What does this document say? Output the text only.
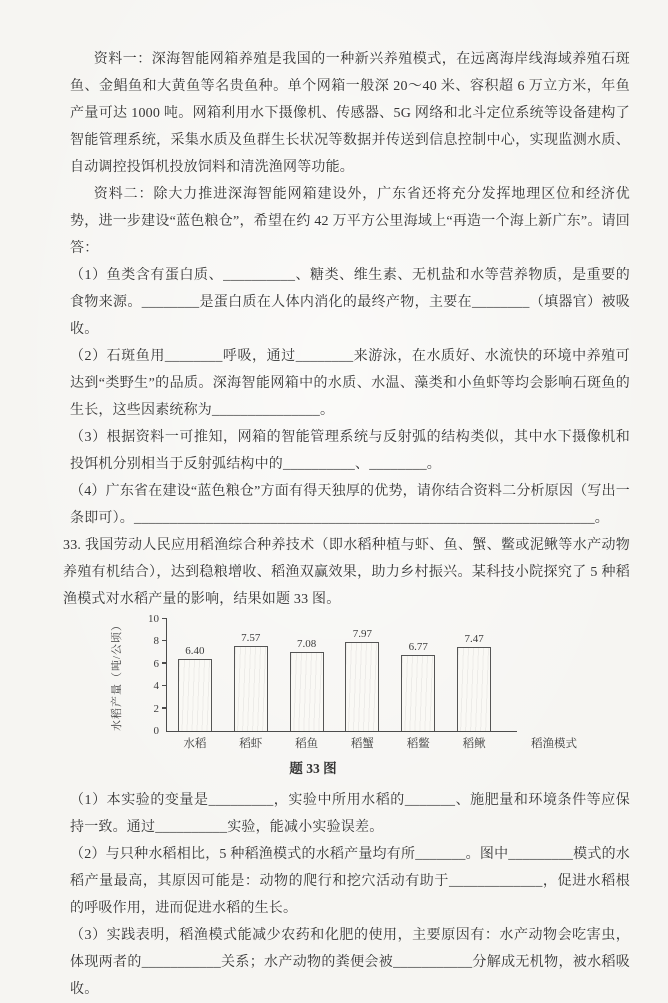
资料一：深海智能网箱养殖是我国的一种新兴养殖模式，在远离海岸线海域养殖石斑鱼、金鲳鱼和大黄鱼等名贵鱼种。单个网箱一般深 20～40 米、容积超 6 万立方米，年鱼产量可达 1000 吨。网箱利用水下摄像机、传感器、5G 网络和北斗定位系统等设备建构了智能管理系统，采集水质及鱼群生长状况等数据并传送到信息控制中心，实现监测水质、自动调控投饵机投放饲料和清洗渔网等功能。

资料二：除大力推进深海智能网箱建设外，广东省还将充分发挥地理区位和经济优势，进一步建设“蓝色粮仓”，希望在约 42 万平方公里海域上“再造一个海上新广东”。请回答：

（1）鱼类含有蛋白质、__________、糖类、维生素、无机盐和水等营养物质，是重要的食物来源。________是蛋白质在人体内消化的最终产物，主要在________（填器官）被吸收。

（2）石斑鱼用________呼吸，通过________来游泳，在水质好、水流快的环境中养殖可达到“类野生”的品质。深海智能网箱中的水质、水温、藻类和小鱼虾等均会影响石斑鱼的生长，这些因素统称为_______________。

（3）根据资料一可推知，网箱的智能管理系统与反射弧的结构类似，其中水下摄像机和投饵机分别相当于反射弧结构中的__________、________。

（4）广东省在建设“蓝色粮仓”方面有得天独厚的优势，请你结合资料二分析原因（写出一条即可）。________________________________________________________________。

33. 我国劳动人民应用稻渔综合种养技术（即水稻种植与虾、鱼、蟹、鳖或泥鳅等水产动物养殖有机结合），达到稳粮增收、稻渔双赢效果，助力乡村振兴。某科技小院探究了 5 种稻渔模式对水稻产量的影响，结果如题 33 图。

水稻产量（吨/公顷）
稻渔模式
0
2
4
6
8
10
6.40
水稻
7.57
稻虾
7.08
稻鱼
7.97
稻蟹
6.77
稻鳖
7.47
稻鳅
题 33 图

（1）本实验的变量是_________，实验中所用水稻的_______、施肥量和环境条件等应保持一致。通过__________实验，能减小实验误差。

（2）与只种水稻相比，5 种稻渔模式的水稻产量均有所_______。图中_________模式的水稻产量最高，其原因可能是：动物的爬行和挖穴活动有助于_____________，促进水稻根的呼吸作用，进而促进水稻的生长。

（3）实践表明，稻渔模式能减少农药和化肥的使用，主要原因有：水产动物会吃害虫，体现两者的___________关系；水产动物的粪便会被___________分解成无机物，被水稻吸收。
